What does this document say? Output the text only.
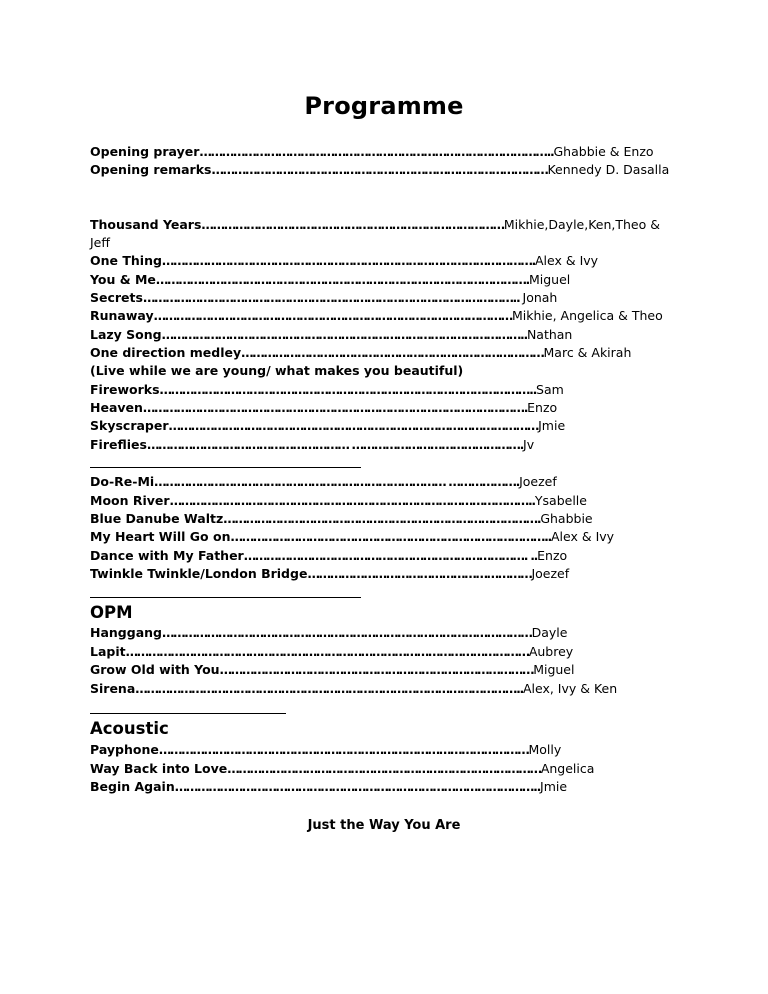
Programme
Opening prayer…………………………………………………………………………………..Ghabbie & Enzo
Opening remarks………………………………………………………………………………Kennedy D. Dasalla
Thousand Years………………………………………………………………………Mikhie,Dayle,Ken,Theo &
Jeff
One Thing……………………………………………………………………………………….Alex & Ivy
You & Me……………………………………………………………………………………….Miguel
Secrets……………………………………………………………………………………….. Jonah
Runaway……………………………………………………………………………………Mikhie, Angelica & Theo
Lazy Song……………………………………………………………………………………..Nathan
One direction medley………………………………………………………………………Marc & Akirah
(Live while we are young/ what makes you beautiful)
Fireworks………………………………………………………………………………………..Sam
Heaven………………………………………………………………………………………….Enzo
Skyscraper………………………………………………………………………………………Jmie
Fireflies……………………………………………… ……………………………………….Jv
Do-Re-Mi…………………………………………………………………… ……………….Joezef
Moon River……………………………………………………………………………………..Ysabelle
Blue Danube Waltz………………………………………………………………………….Ghabbie
My Heart Will Go on…………………………………………………………………………..Alex & Ivy
Dance with My Father…………………………………………………………………. ..Enzo
Twinkle Twinkle/London Bridge……………………………………………………Joezef
OPM
Hanggang………………………………………………………………………………………Dayle
Lapit………………………………………………………………………………………………Aubrey
Grow Old with You…………………………………………………………………………Miguel
Sirena…………………………………………………………………………………………..Alex, Ivy & Ken
Acoustic
Payphone………………………………………………………………………………………Molly
Way Back into Love…………………………………………………………………………Angelica
Begin Again……………………………………………………………………………………..Jmie
Just the Way You Are
